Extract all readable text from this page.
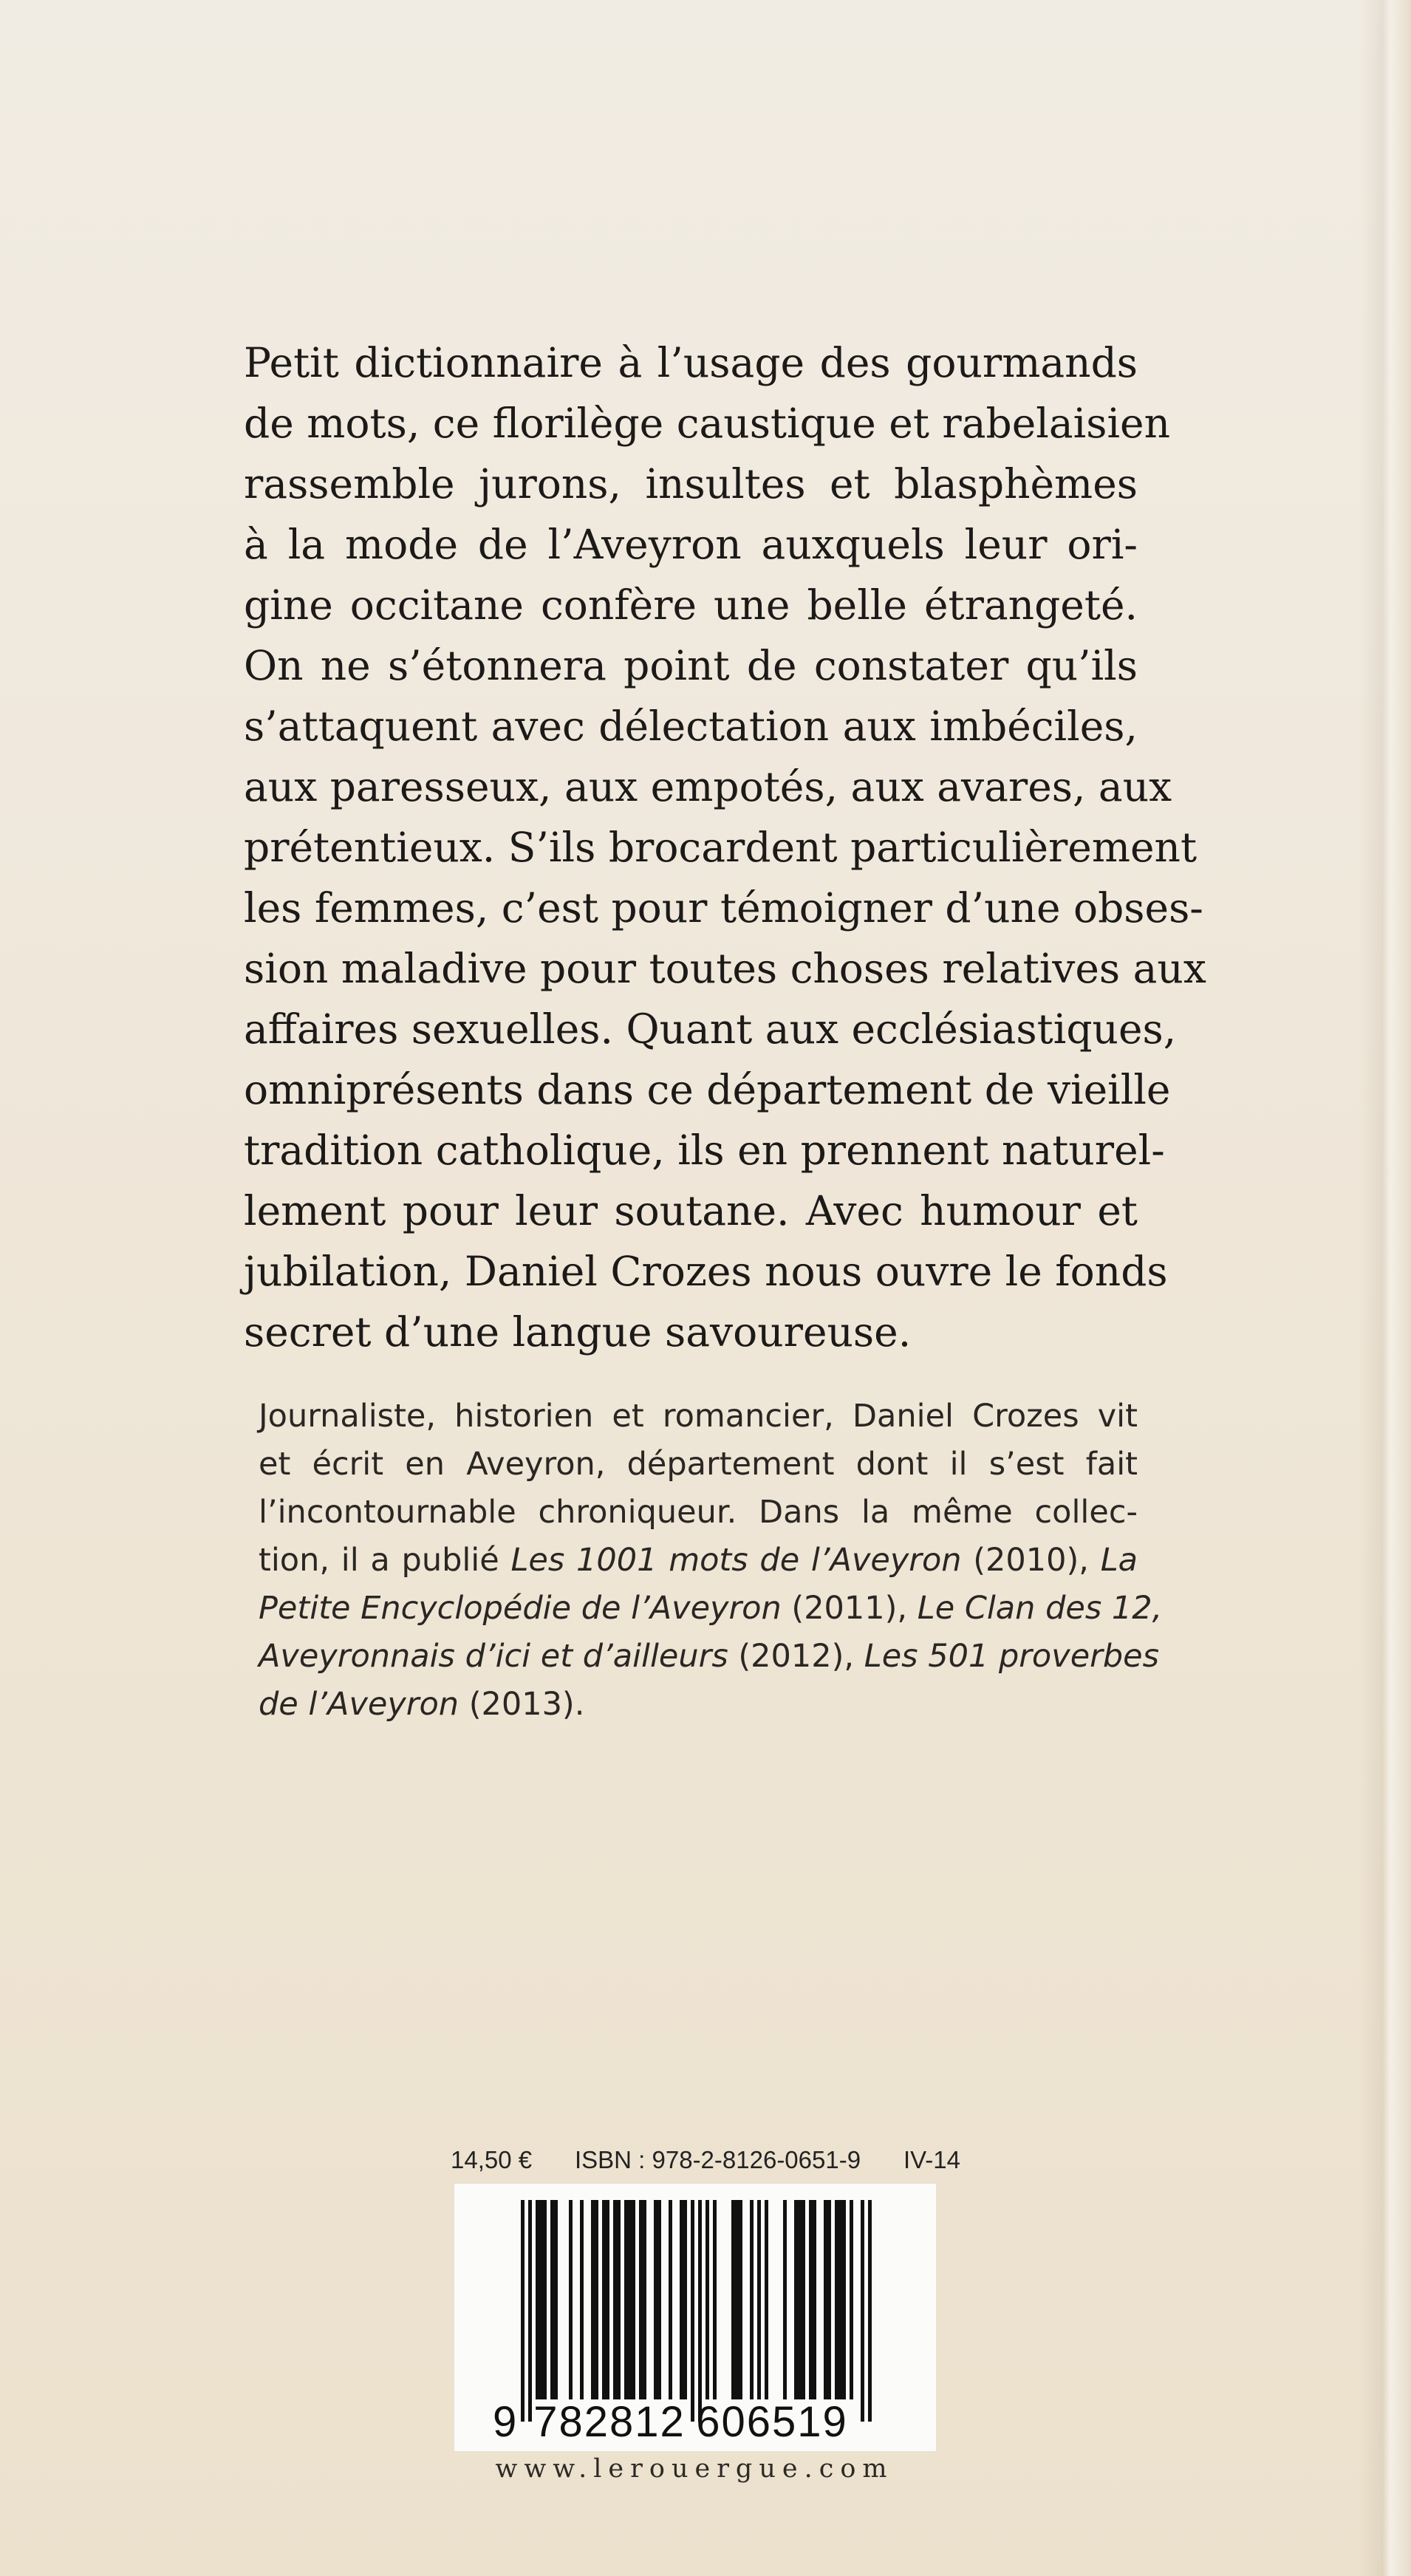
Petit dictionnaire à l’usage des gourmands
de mots, ce florilège caustique et rabelaisien
rassemble jurons, insultes et blasphèmes
à la mode de l’Aveyron auxquels leur ori-
gine occitane confère une belle étrangeté.
On ne s’étonnera point de constater qu’ils
s’attaquent avec délectation aux imbéciles,
aux paresseux, aux empotés, aux avares, aux
prétentieux. S’ils brocardent particulièrement
les femmes, c’est pour témoigner d’une obses-
sion maladive pour toutes choses relatives aux
affaires sexuelles. Quant aux ecclésiastiques,
omniprésents dans ce département de vieille
tradition catholique, ils en prennent naturel-
lement pour leur soutane. Avec humour et
jubilation, Daniel Crozes nous ouvre le fonds
secret d’une langue savoureuse.
Journaliste, historien et romancier, Daniel Crozes vit
et écrit en Aveyron, département dont il s’est fait
l’incontournable chroniqueur. Dans la même collec-
tion, il a publié Les 1001 mots de l’Aveyron (2010), La
Petite Encyclopédie de l’Aveyron (2011), Le Clan des 12,
Aveyronnais d’ici et d’ailleurs (2012), Les 501 proverbes
de l’Aveyron (2013).
14,50 € ISBN : 978-2-8126-0651-9 IV-14
9 782812 606519
www.lerouergue.com
